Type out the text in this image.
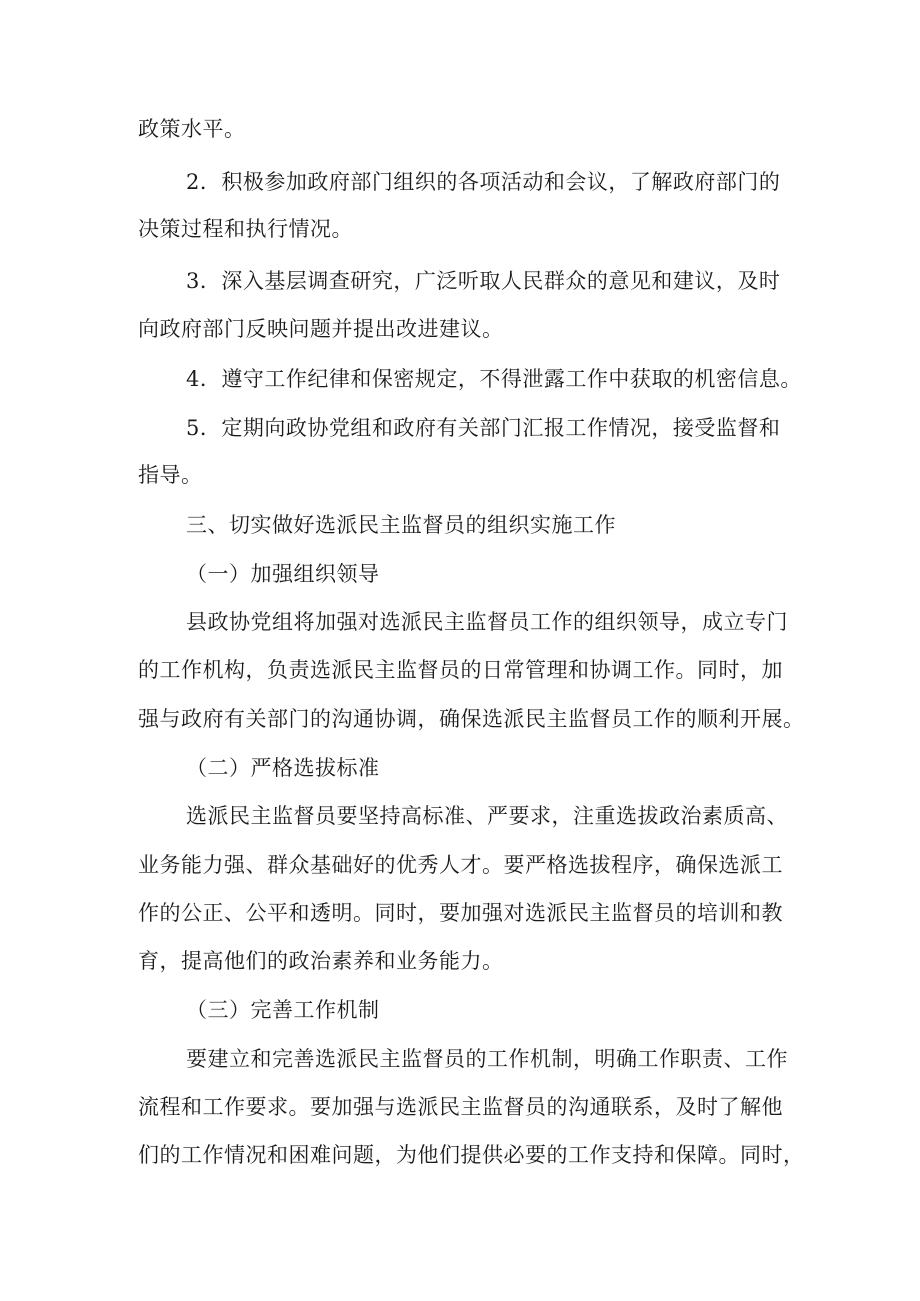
政策水平。
2．积极参加政府部门组织的各项活动和会议，了解政府部门的
决策过程和执行情况。
3．深入基层调查研究，广泛听取人民群众的意见和建议，及时
向政府部门反映问题并提出改进建议。
4．遵守工作纪律和保密规定，不得泄露工作中获取的机密信息。
5．定期向政协党组和政府有关部门汇报工作情况，接受监督和
指导。
三、切实做好选派民主监督员的组织实施工作
（一）加强组织领导
县政协党组将加强对选派民主监督员工作的组织领导，成立专门
的工作机构，负责选派民主监督员的日常管理和协调工作。同时，加
强与政府有关部门的沟通协调，确保选派民主监督员工作的顺利开展。
（二）严格选拔标准
选派民主监督员要坚持高标准、严要求，注重选拔政治素质高、
业务能力强、群众基础好的优秀人才。要严格选拔程序，确保选派工
作的公正、公平和透明。同时，要加强对选派民主监督员的培训和教
育，提高他们的政治素养和业务能力。
（三）完善工作机制
要建立和完善选派民主监督员的工作机制，明确工作职责、工作
流程和工作要求。要加强与选派民主监督员的沟通联系，及时了解他
们的工作情况和困难问题，为他们提供必要的工作支持和保障。同时，
